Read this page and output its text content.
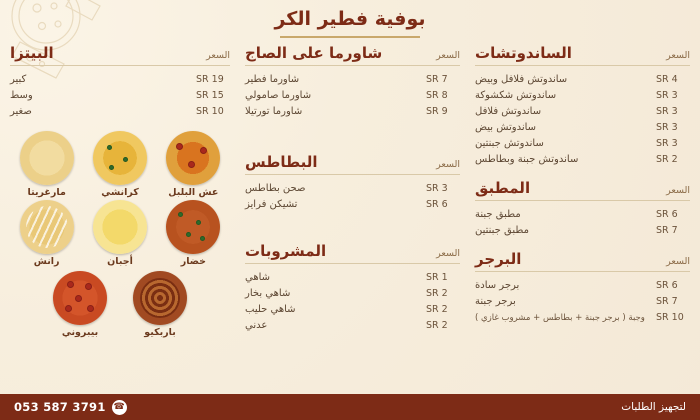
بوفية فطير الكر
السعر
الساندوتشات
SR 4
ساندوتش فلافل وبيض
SR 3
ساندوتش شكشوكة
SR 3
ساندوتش فلافل
SR 3
ساندوتش بيض
SR 3
ساندوتش جبنتين
SR 2
ساندوتش جبنة وبطاطس
السعر
المطبق
SR 6
مطبق جبنة
SR 7
مطبق جبنتين
السعر
البرجر
SR 6
برجر سادة
SR 7
برجر جبنة
SR 10
وجبة ( برجر جبنة + بطاطس + مشروب غازي )
السعر
شاورما على الصاج
SR 7
شاورما فطير
SR 8
شاورما صامولي
SR 9
شاورما تورتيلا
السعر
البطاطس
SR 3
صحن بطاطس
SR 6
تشيكن فرايز
السعر
المشروبات
SR 1
شاهي
SR 2
شاهي بخار
SR 2
شاهي حليب
SR 2
عدني
السعر
البيتزا
SR 19
كبير
SR 15
وسط
SR 10
صغير
عش البلبل
كرانشي
مارغريتا
خضار
أجبان
رانش
باربكيو
بيبروني
لتجهيز الطلبات
☎
053 587 3791
